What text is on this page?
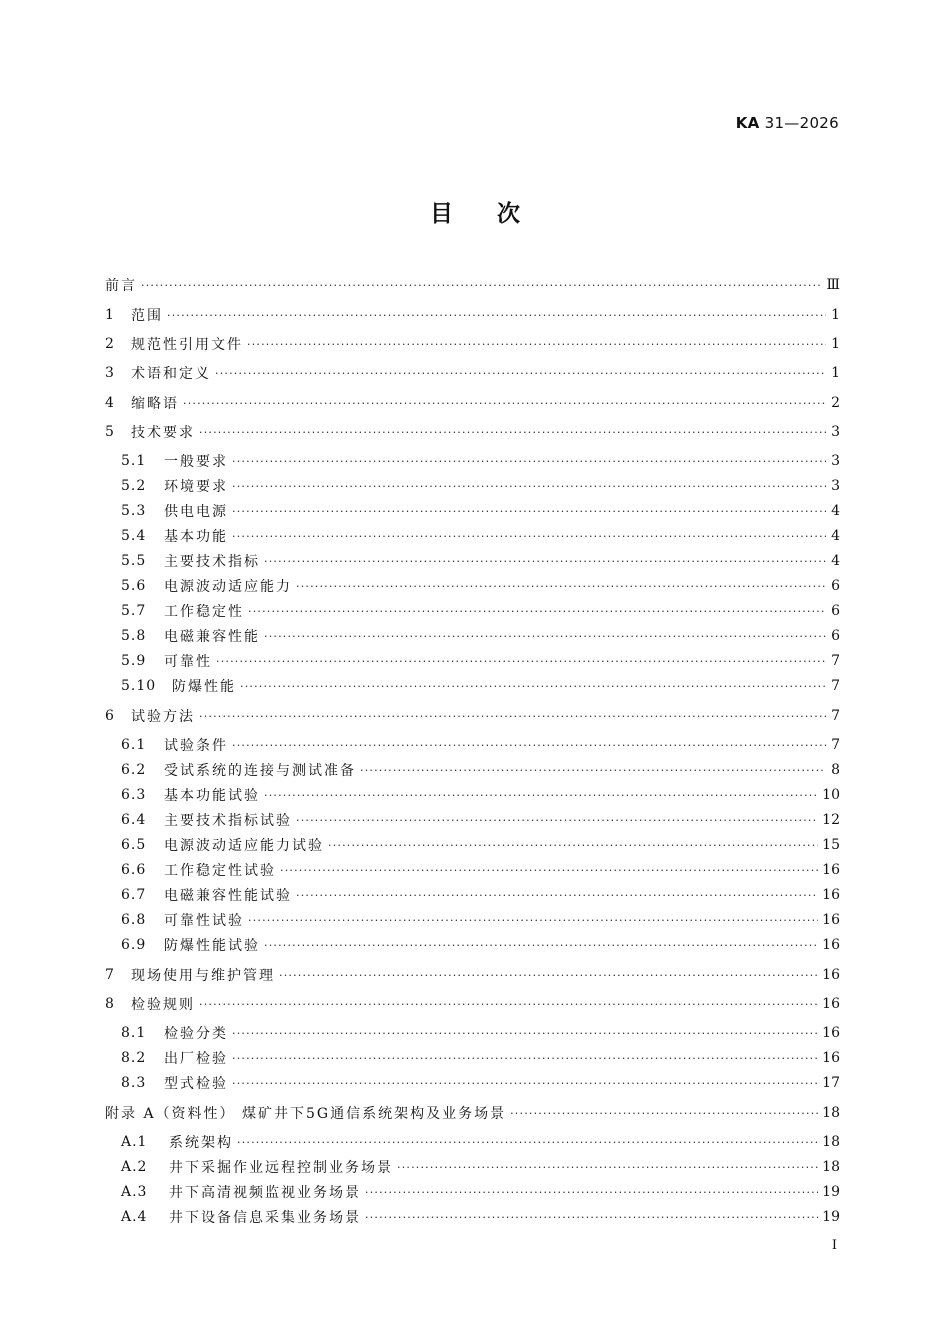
KA 31—2026
目次
前言 ·····	Ⅲ
1	范围 ·····	1
2	规范性引用文件 ·····	1
3	术语和定义 ·····	1
4	缩略语 ·····	2
5	技术要求 ·····	3
5.1	一般要求 ·····	3
5.2	环境要求 ·····	3
5.3	供电电源 ·····	4
5.4	基本功能 ·····	4
5.5	主要技术指标 ·····	4
5.6	电源波动适应能力 ·····	6
5.7	工作稳定性 ·····	6
5.8	电磁兼容性能 ·····	6
5.9	可靠性 ·····	7
5.10	防爆性能 ·····	7
6	试验方法 ·····	7
6.1	试验条件 ·····	7
6.2	受试系统的连接与测试准备 ·····	8
6.3	基本功能试验 ·····	10
6.4	主要技术指标试验 ·····	12
6.5	电源波动适应能力试验 ·····	15
6.6	工作稳定性试验 ·····	16
6.7	电磁兼容性能试验 ·····	16
6.8	可靠性试验 ·····	16
6.9	防爆性能试验 ·····	16
7	现场使用与维护管理 ·····	16
8	检验规则 ·····	16
8.1	检验分类 ·····	16
8.2	出厂检验 ·····	16
8.3	型式检验 ·····	17
附录 A（资料性） 煤矿井下5G通信系统架构及业务场景 ·····	18
A.1	系统架构 ·····	18
A.2	井下采掘作业远程控制业务场景 ·····	18
A.3	井下高清视频监视业务场景 ·····	19
A.4	井下设备信息采集业务场景 ·····	19
I
